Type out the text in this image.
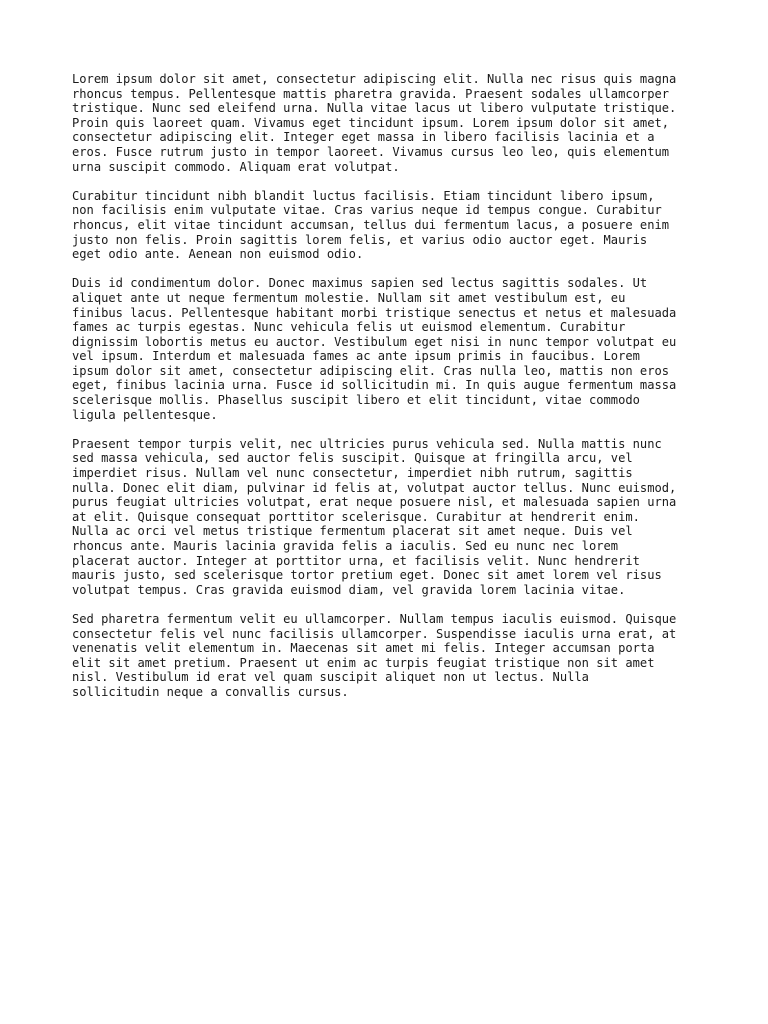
Lorem ipsum dolor sit amet, consectetur adipiscing elit. Nulla nec risus quis magna
rhoncus tempus. Pellentesque mattis pharetra gravida. Praesent sodales ullamcorper
tristique. Nunc sed eleifend urna. Nulla vitae lacus ut libero vulputate tristique.
Proin quis laoreet quam. Vivamus eget tincidunt ipsum. Lorem ipsum dolor sit amet,
consectetur adipiscing elit. Integer eget massa in libero facilisis lacinia et a
eros. Fusce rutrum justo in tempor laoreet. Vivamus cursus leo leo, quis elementum
urna suscipit commodo. Aliquam erat volutpat.

Curabitur tincidunt nibh blandit luctus facilisis. Etiam tincidunt libero ipsum,
non facilisis enim vulputate vitae. Cras varius neque id tempus congue. Curabitur
rhoncus, elit vitae tincidunt accumsan, tellus dui fermentum lacus, a posuere enim
justo non felis. Proin sagittis lorem felis, et varius odio auctor eget. Mauris
eget odio ante. Aenean non euismod odio.

Duis id condimentum dolor. Donec maximus sapien sed lectus sagittis sodales. Ut
aliquet ante ut neque fermentum molestie. Nullam sit amet vestibulum est, eu
finibus lacus. Pellentesque habitant morbi tristique senectus et netus et malesuada
fames ac turpis egestas. Nunc vehicula felis ut euismod elementum. Curabitur
dignissim lobortis metus eu auctor. Vestibulum eget nisi in nunc tempor volutpat eu
vel ipsum. Interdum et malesuada fames ac ante ipsum primis in faucibus. Lorem
ipsum dolor sit amet, consectetur adipiscing elit. Cras nulla leo, mattis non eros
eget, finibus lacinia urna. Fusce id sollicitudin mi. In quis augue fermentum massa
scelerisque mollis. Phasellus suscipit libero et elit tincidunt, vitae commodo
ligula pellentesque.

Praesent tempor turpis velit, nec ultricies purus vehicula sed. Nulla mattis nunc
sed massa vehicula, sed auctor felis suscipit. Quisque at fringilla arcu, vel
imperdiet risus. Nullam vel nunc consectetur, imperdiet nibh rutrum, sagittis
nulla. Donec elit diam, pulvinar id felis at, volutpat auctor tellus. Nunc euismod,
purus feugiat ultricies volutpat, erat neque posuere nisl, et malesuada sapien urna
at elit. Quisque consequat porttitor scelerisque. Curabitur at hendrerit enim.
Nulla ac orci vel metus tristique fermentum placerat sit amet neque. Duis vel
rhoncus ante. Mauris lacinia gravida felis a iaculis. Sed eu nunc nec lorem
placerat auctor. Integer at porttitor urna, et facilisis velit. Nunc hendrerit
mauris justo, sed scelerisque tortor pretium eget. Donec sit amet lorem vel risus
volutpat tempus. Cras gravida euismod diam, vel gravida lorem lacinia vitae.

Sed pharetra fermentum velit eu ullamcorper. Nullam tempus iaculis euismod. Quisque
consectetur felis vel nunc facilisis ullamcorper. Suspendisse iaculis urna erat, at
venenatis velit elementum in. Maecenas sit amet mi felis. Integer accumsan porta
elit sit amet pretium. Praesent ut enim ac turpis feugiat tristique non sit amet
nisl. Vestibulum id erat vel quam suscipit aliquet non ut lectus. Nulla
sollicitudin neque a convallis cursus.
